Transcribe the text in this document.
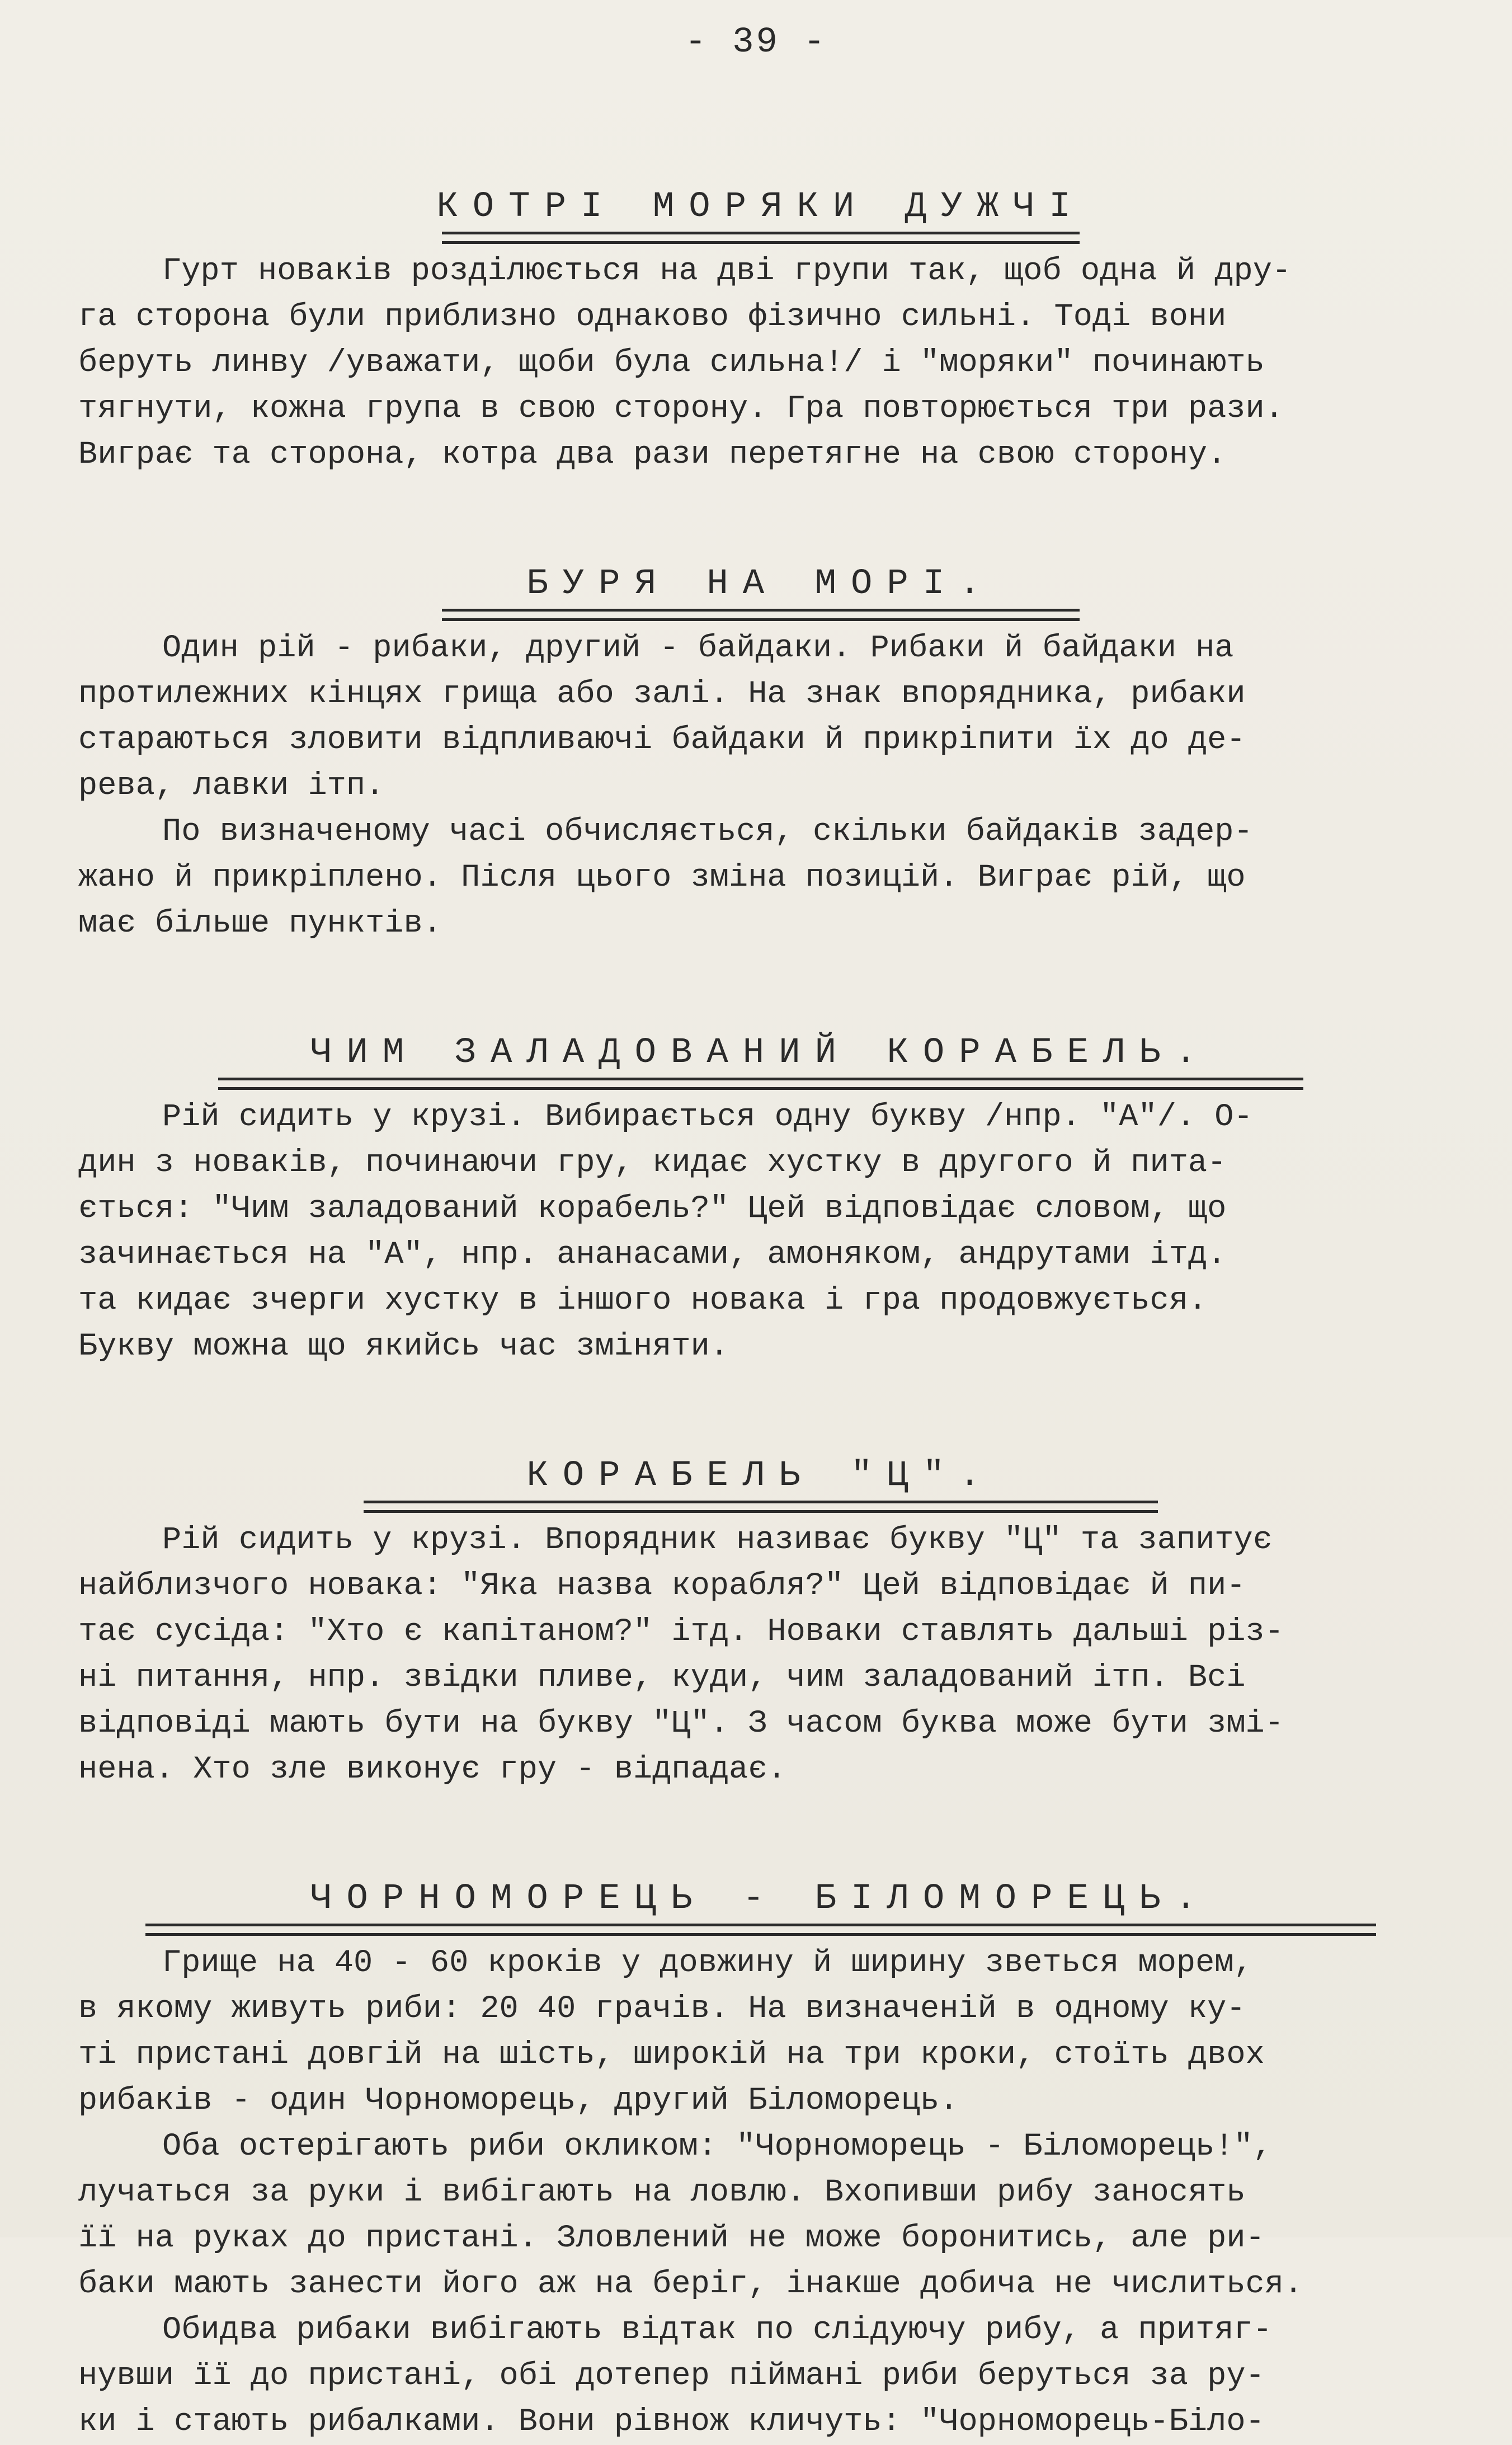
- 39 -
КОТРІ МОРЯКИ ДУЖЧІ
Гурт новаків розділюється на дві групи так, щоб одна й дру-
га сторона були приблизно однаково фізично сильні. Тоді вони
беруть линву /уважати, щоби була сильна!/ і "моряки" починають
тягнути, кожна група в свою сторону. Гра повторюється три рази.
Виграє та сторона, котра два рази перетягне на свою сторону.
БУРЯ НА МОРІ.
Один рій - рибаки, другий - байдаки. Рибаки й байдаки на
протилежних кінцях грища або залі. На знак впорядника, рибаки
стараються зловити відпливаючі байдаки й прикріпити їх до де-
рева, лавки ітп.
По визначеному часі обчисляється, скільки байдаків задер-
жано й прикріплено. Після цього зміна позицій. Виграє рій, що
має більше пунктів.
ЧИМ ЗАЛАДОВАНИЙ КОРАБЕЛЬ.
Рій сидить у крузі. Вибирається одну букву /нпр. "А"/. О-
дин з новаків, починаючи гру, кидає хустку в другого й пита-
ється: "Чим заладований корабель?" Цей відповідає словом, що
зачинається на "А", нпр. ананасами, амоняком, андрутами ітд.
та кидає зчерги хустку в іншого новака і гра продовжується.
Букву можна що якийсь час зміняти.
КОРАБЕЛЬ "Ц".
Рій сидить у крузі. Впорядник називає букву "Ц" та запитує
найблизчого новака: "Яка назва корабля?" Цей відповідає й пи-
тає сусіда: "Хто є капітаном?" ітд. Новаки ставлять дальші різ-
ні питання, нпр. звідки пливе, куди, чим заладований ітп. Всі
відповіді мають бути на букву "Ц". З часом буква може бути змі-
нена. Хто зле виконує гру - відпадає.
ЧОРНОМОРЕЦЬ - БІЛОМОРЕЦЬ.
Грище на 40 - 60 кроків у довжину й ширину зветься морем,
в якому живуть риби: 20 40 грачів. На визначеній в одному ку-
ті пристані довгій на шість, широкій на три кроки, стоїть двох
рибаків - один Чорноморець, другий Біломорець.
Оба остерігають риби окликом: "Чорноморець - Біломорець!",
лучаться за руки і вибігають на ловлю. Вхопивши рибу заносять
її на руках до пристані. Зловлений не може боронитись, але ри-
баки мають занести його аж на беріг, інакше добича не числиться.
Обидва рибаки вибігають відтак по слідуючу рибу, а притяг-
нувши її до пристані, обі дотепер піймані риби беруться за ру-
ки і стають рибалками. Вони рівнож кличуть: "Чорноморець-Біло-
